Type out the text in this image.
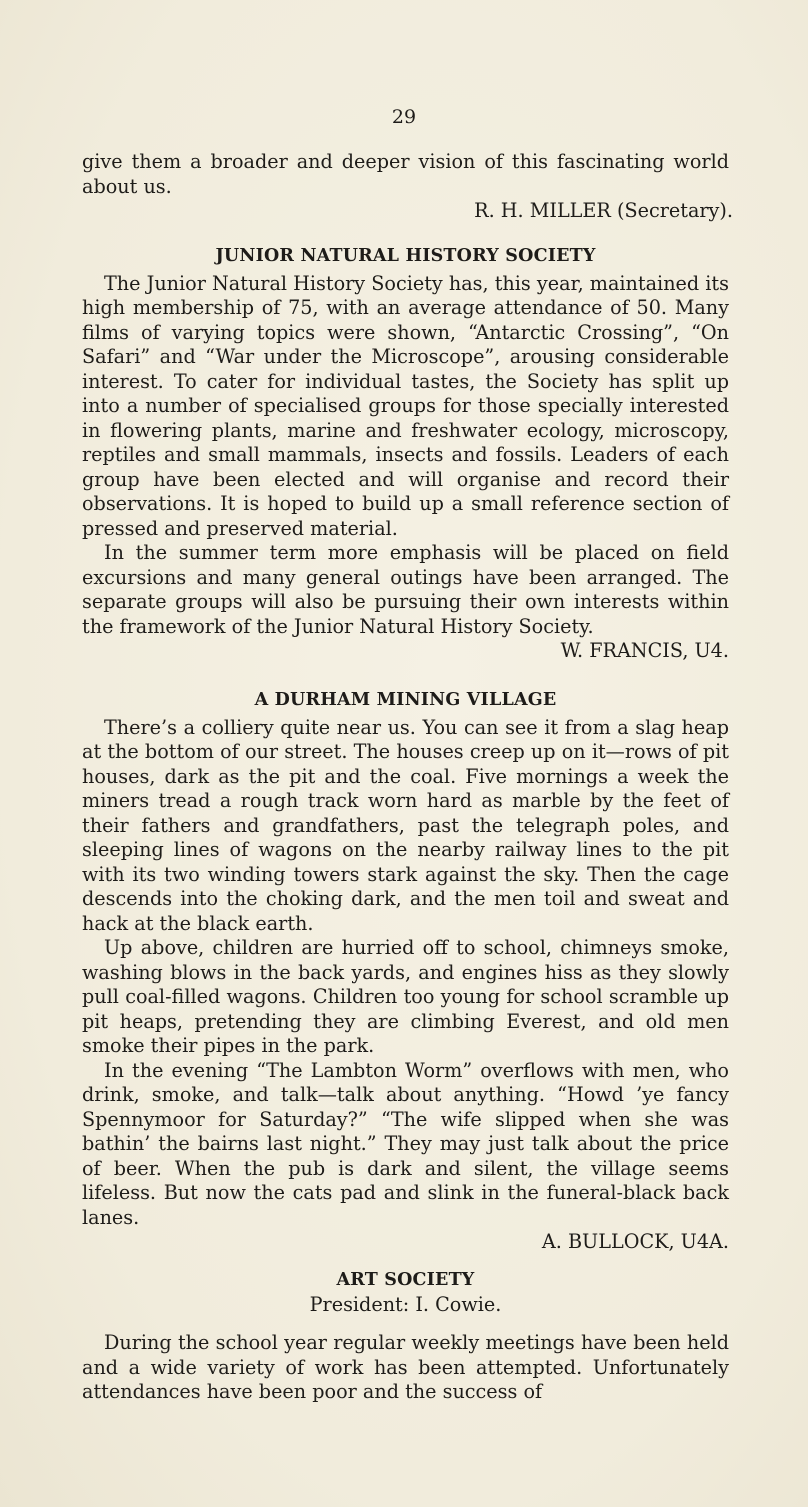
29

give them a broader and deeper vision of this fascinating world about us.

R. H. MILLER (Secretary).

JUNIOR NATURAL HISTORY SOCIETY

The Junior Natural History Society has, this year, maintained its high membership of 75, with an average attendance of 50. Many films of varying topics were shown, “Antarctic Crossing”, “On Safari” and “War under the Microscope”, arousing considerable interest. To cater for individual tastes, the Society has split up into a number of specialised groups for those specially interested in flowering plants, marine and freshwater ecology, microscopy, reptiles and small mammals, insects and fossils. Leaders of each group have been elected and will organise and record their observations. It is hoped to build up a small reference section of pressed and preserved material.

In the summer term more emphasis will be placed on field excursions and many general outings have been arranged. The separate groups will also be pursuing their own interests within the framework of the Junior Natural History Society.

W. FRANCIS, U4.

A DURHAM MINING VILLAGE

There’s a colliery quite near us. You can see it from a slag heap at the bottom of our street. The houses creep up on it—rows of pit houses, dark as the pit and the coal. Five mornings a week the miners tread a rough track worn hard as marble by the feet of their fathers and grandfathers, past the telegraph poles, and sleeping lines of wagons on the nearby railway lines to the pit with its two winding towers stark against the sky. Then the cage descends into the choking dark, and the men toil and sweat and hack at the black earth.

Up above, children are hurried off to school, chimneys smoke, washing blows in the back yards, and engines hiss as they slowly pull coal-filled wagons. Children too young for school scramble up pit heaps, pretending they are climbing Everest, and old men smoke their pipes in the park.

In the evening “The Lambton Worm” overflows with men, who drink, smoke, and talk—talk about anything. “Howd ’ye fancy Spennymoor for Saturday?” “The wife slipped when she was bathin’ the bairns last night.” They may just talk about the price of beer. When the pub is dark and silent, the village seems lifeless. But now the cats pad and slink in the funeral-black back lanes.

A. BULLOCK, U4A.

ART SOCIETY

President: I. Cowie.

During the school year regular weekly meetings have been held and a wide variety of work has been attempted. Unfortunately attendances have been poor and the success of
